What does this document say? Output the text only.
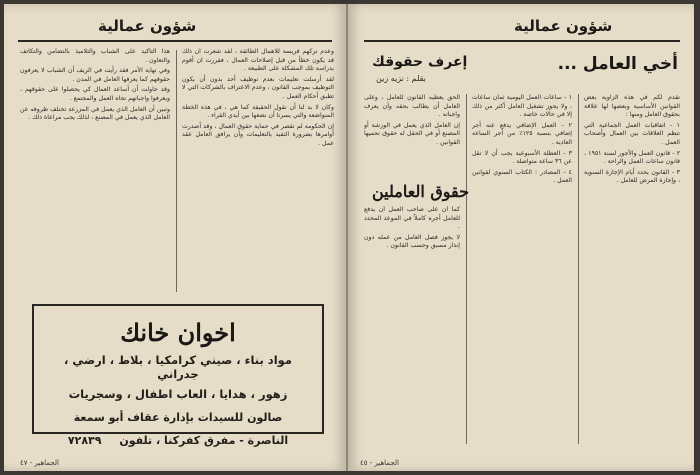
شؤون عمالية

وعدم تركهم فريسة للاهمال الطائفة ، لقد شعرت أن ذلك قد يكون خطأ من قبل إصلاحات العمال ، فقررت ان أقوم بدراسة تلك المشكلة على الطبيعة .

لقد أرسلت تعليمات بعدم توظيف أحد بدون أن يكون التوظيف بموجب القانون ، وعدم الاعتراف بالشركات التي لا تطبق أحكام العمل .

وكان لا بد لنا أن نقول الحقيقة كما هي ، في هذه الخطة المتواضعة والتي يسرنا أن نضعها بين أيدي القراء .

إن الحكومة لم تقصر في حماية حقوق العمال ، وقد أصدرت أوامرها بضرورة التقيد بالتعليمات وأن يرافق العامل عقد عمل .

هذا التأكيد على الشباب والتلاميذ بالتضامن والتكاتف والتعاون .

وفي نهاية الأمر فقد رأيت في الريف أن الشباب لا يعرفون حقوقهم كما يعرفها العامل في المدن .

وقد حاولت أن أساعد العمال كي يحصلوا على حقوقهم ، ويعرفوا واجباتهم تجاه العمل والمجتمع .

وتبين أن العامل الذي يعمل في المزرعة تختلف ظروفه عن العامل الذي يعمل في المصنع ، لذلك يجب مراعاة ذلك .

اخوان خانك
مواد بناء ، صيني كرامكيا ، بلاط ، ارضي ، جدراني
زهور ، هدايا ، العاب اطفال ، وسجريات
صالون للسيدات بإدارة عقاف أبو سمعة
الناصرة - مفرق كفركنا ، تلفون ٧٢٨٣٩
الجماهير - ٤٧
شؤون عمالية
أخي العامل ...
إعرف حقوقك
بقلم : نزيه زين

تقدم لكم في هذه الزاوية بعض القوانين الأساسية وبعضها لها علاقة بحقوق العامل ومنها :

١ - اتفاقيات العمل الجماعية التي تنظم العلاقات بين العمال وأصحاب العمل .

٢ - قانون العمل والأجور لسنة ١٩٥١ ، قانون ساعات العمل والراحة .

٣ - القانون يحدد أيام الإجازة السنوية ، وإجازة المرض للعامل .

١ - ساعات العمل اليومية ثمان ساعات ، ولا يجوز تشغيل العامل أكثر من ذلك إلا في حالات خاصة .

٢ - العمل الإضافي يدفع عنه أجر إضافي بنسبة ١٢٥٪ من أجر الساعة العادية .

٣ - العطلة الأسبوعية يجب أن لا تقل عن ٣٦ ساعة متواصلة .

٤ - المصادر : الكتاب السنوي لقوانين العمل .

حقوق العاملين

الحق يعطيه القانون للعامل ، وعلى العامل أن يطالب بحقه وأن يعرف واجباته .

إن العامل الذي يعمل في الورشة أو المصنع أو في الحقل له حقوق تحميها القوانين .

كما أن على صاحب العمل أن يدفع للعامل أجره كاملاً في الموعد المحدد .

لا يجوز فصل العامل من عمله دون إنذار مسبق وحسب القانون .

الجماهير - ٤٥
